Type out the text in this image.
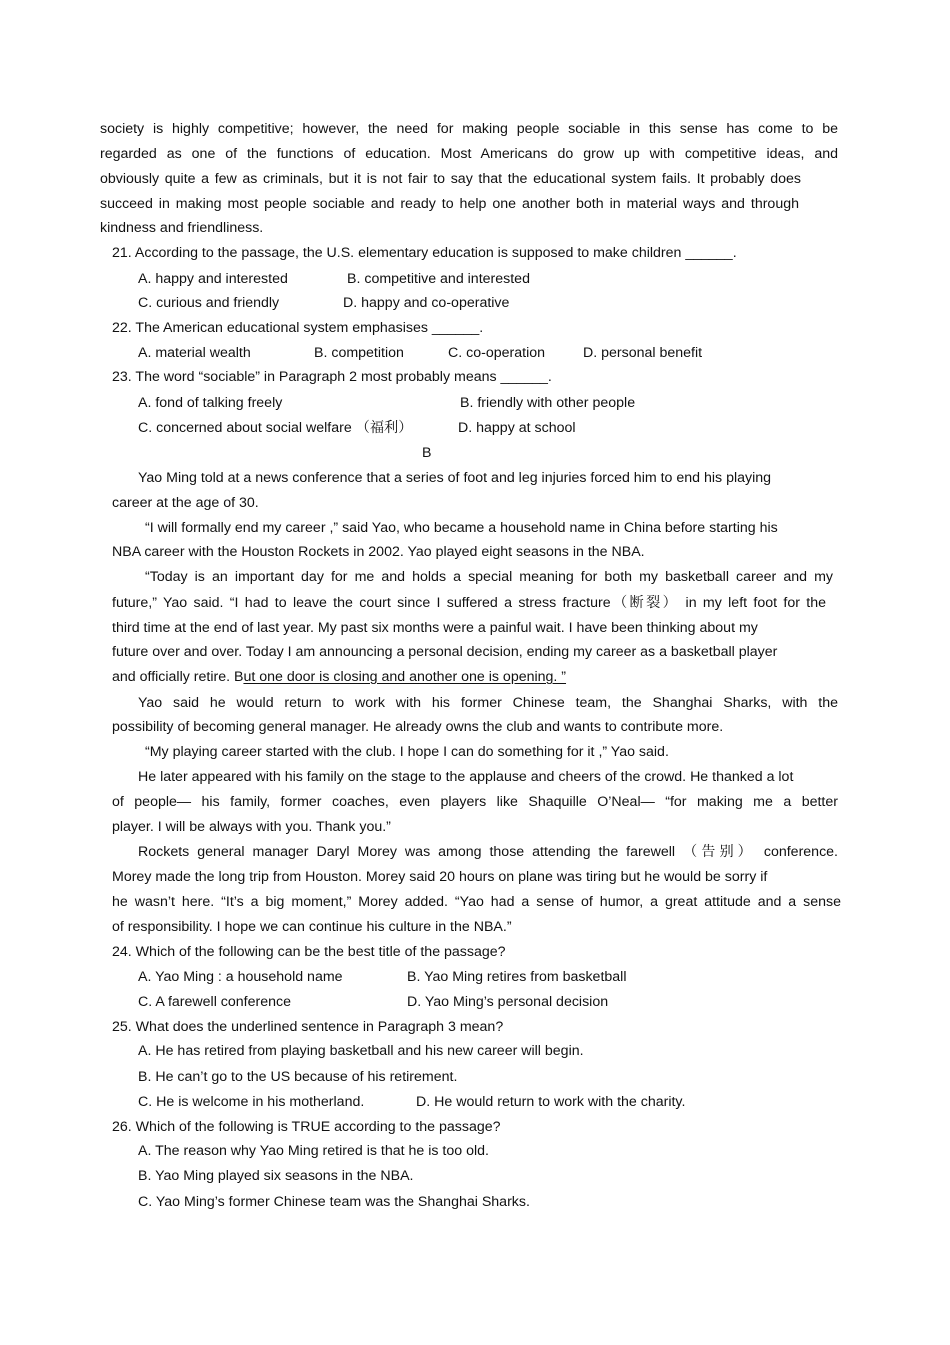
society is highly competitive; however, the need for making people sociable in this sense has come to be
regarded as one of the functions of education. Most Americans do grow up with competitive ideas, and
obviously quite a few as criminals, but it is not fair to say that the educational system fails. It probably does
succeed in making most people sociable and ready to help one another both in material ways and through
kindness and friendliness.
21. According to the passage, the U.S. elementary education is supposed to make children ______.
A. happy and interested	B. competitive and interested
C. curious and friendly	D. happy and co-operative
22. The American educational system emphasises ______.
A. material wealth	B. competition	C. co-operation	D. personal benefit
23. The word “sociable” in Paragraph 2 most probably means ______.
A. fond of talking freely	B. friendly with other people
C. concerned about social welfare （福利）	D. happy at school
B
Yao Ming told at a news conference that a series of foot and leg injuries forced him to end his playing
career at the age of 30.
“I will formally end my career ,” said Yao, who became a household name in China before starting his
NBA career with the Houston Rockets in 2002. Yao played eight seasons in the NBA.
“Today is an important day for me and holds a special meaning for both my basketball career and my
future,” Yao said. “I had to leave the court since I suffered a stress fracture（断裂） in my left foot for the
third time at the end of last year. My past six months were a painful wait. I have been thinking about my
future over and over. Today I am announcing a personal decision, ending my career as a basketball player
and officially retire. But one door is closing and another one is opening. ”
Yao said he would return to work with his former Chinese team, the Shanghai Sharks, with the
possibility of becoming general manager. He already owns the club and wants to contribute more.
“My playing career started with the club. I hope I can do something for it ,” Yao said.
He later appeared with his family on the stage to the applause and cheers of the crowd. He thanked a lot
of people— his family, former coaches, even players like Shaquille O’Neal— “for making me a better
player. I will be always with you. Thank you.”
Rockets general manager Daryl Morey was among those attending the farewell （告别） conference.
Morey made the long trip from Houston. Morey said 20 hours on plane was tiring but he would be sorry if
he wasn’t here. “It’s a big moment,” Morey added. “Yao had a sense of humor, a great attitude and a sense
of responsibility. I hope we can continue his culture in the NBA.”
24. Which of the following can be the best title of the passage?
A. Yao Ming : a household name	B. Yao Ming retires from basketball
C. A farewell conference	D. Yao Ming’s personal decision
25. What does the underlined sentence in Paragraph 3 mean?
A. He has retired from playing basketball and his new career will begin.
B. He can’t go to the US because of his retirement.
C. He is welcome in his motherland.	D. He would return to work with the charity.
26. Which of the following is TRUE according to the passage?
A. The reason why Yao Ming retired is that he is too old.
B. Yao Ming played six seasons in the NBA.
C. Yao Ming’s former Chinese team was the Shanghai Sharks.
